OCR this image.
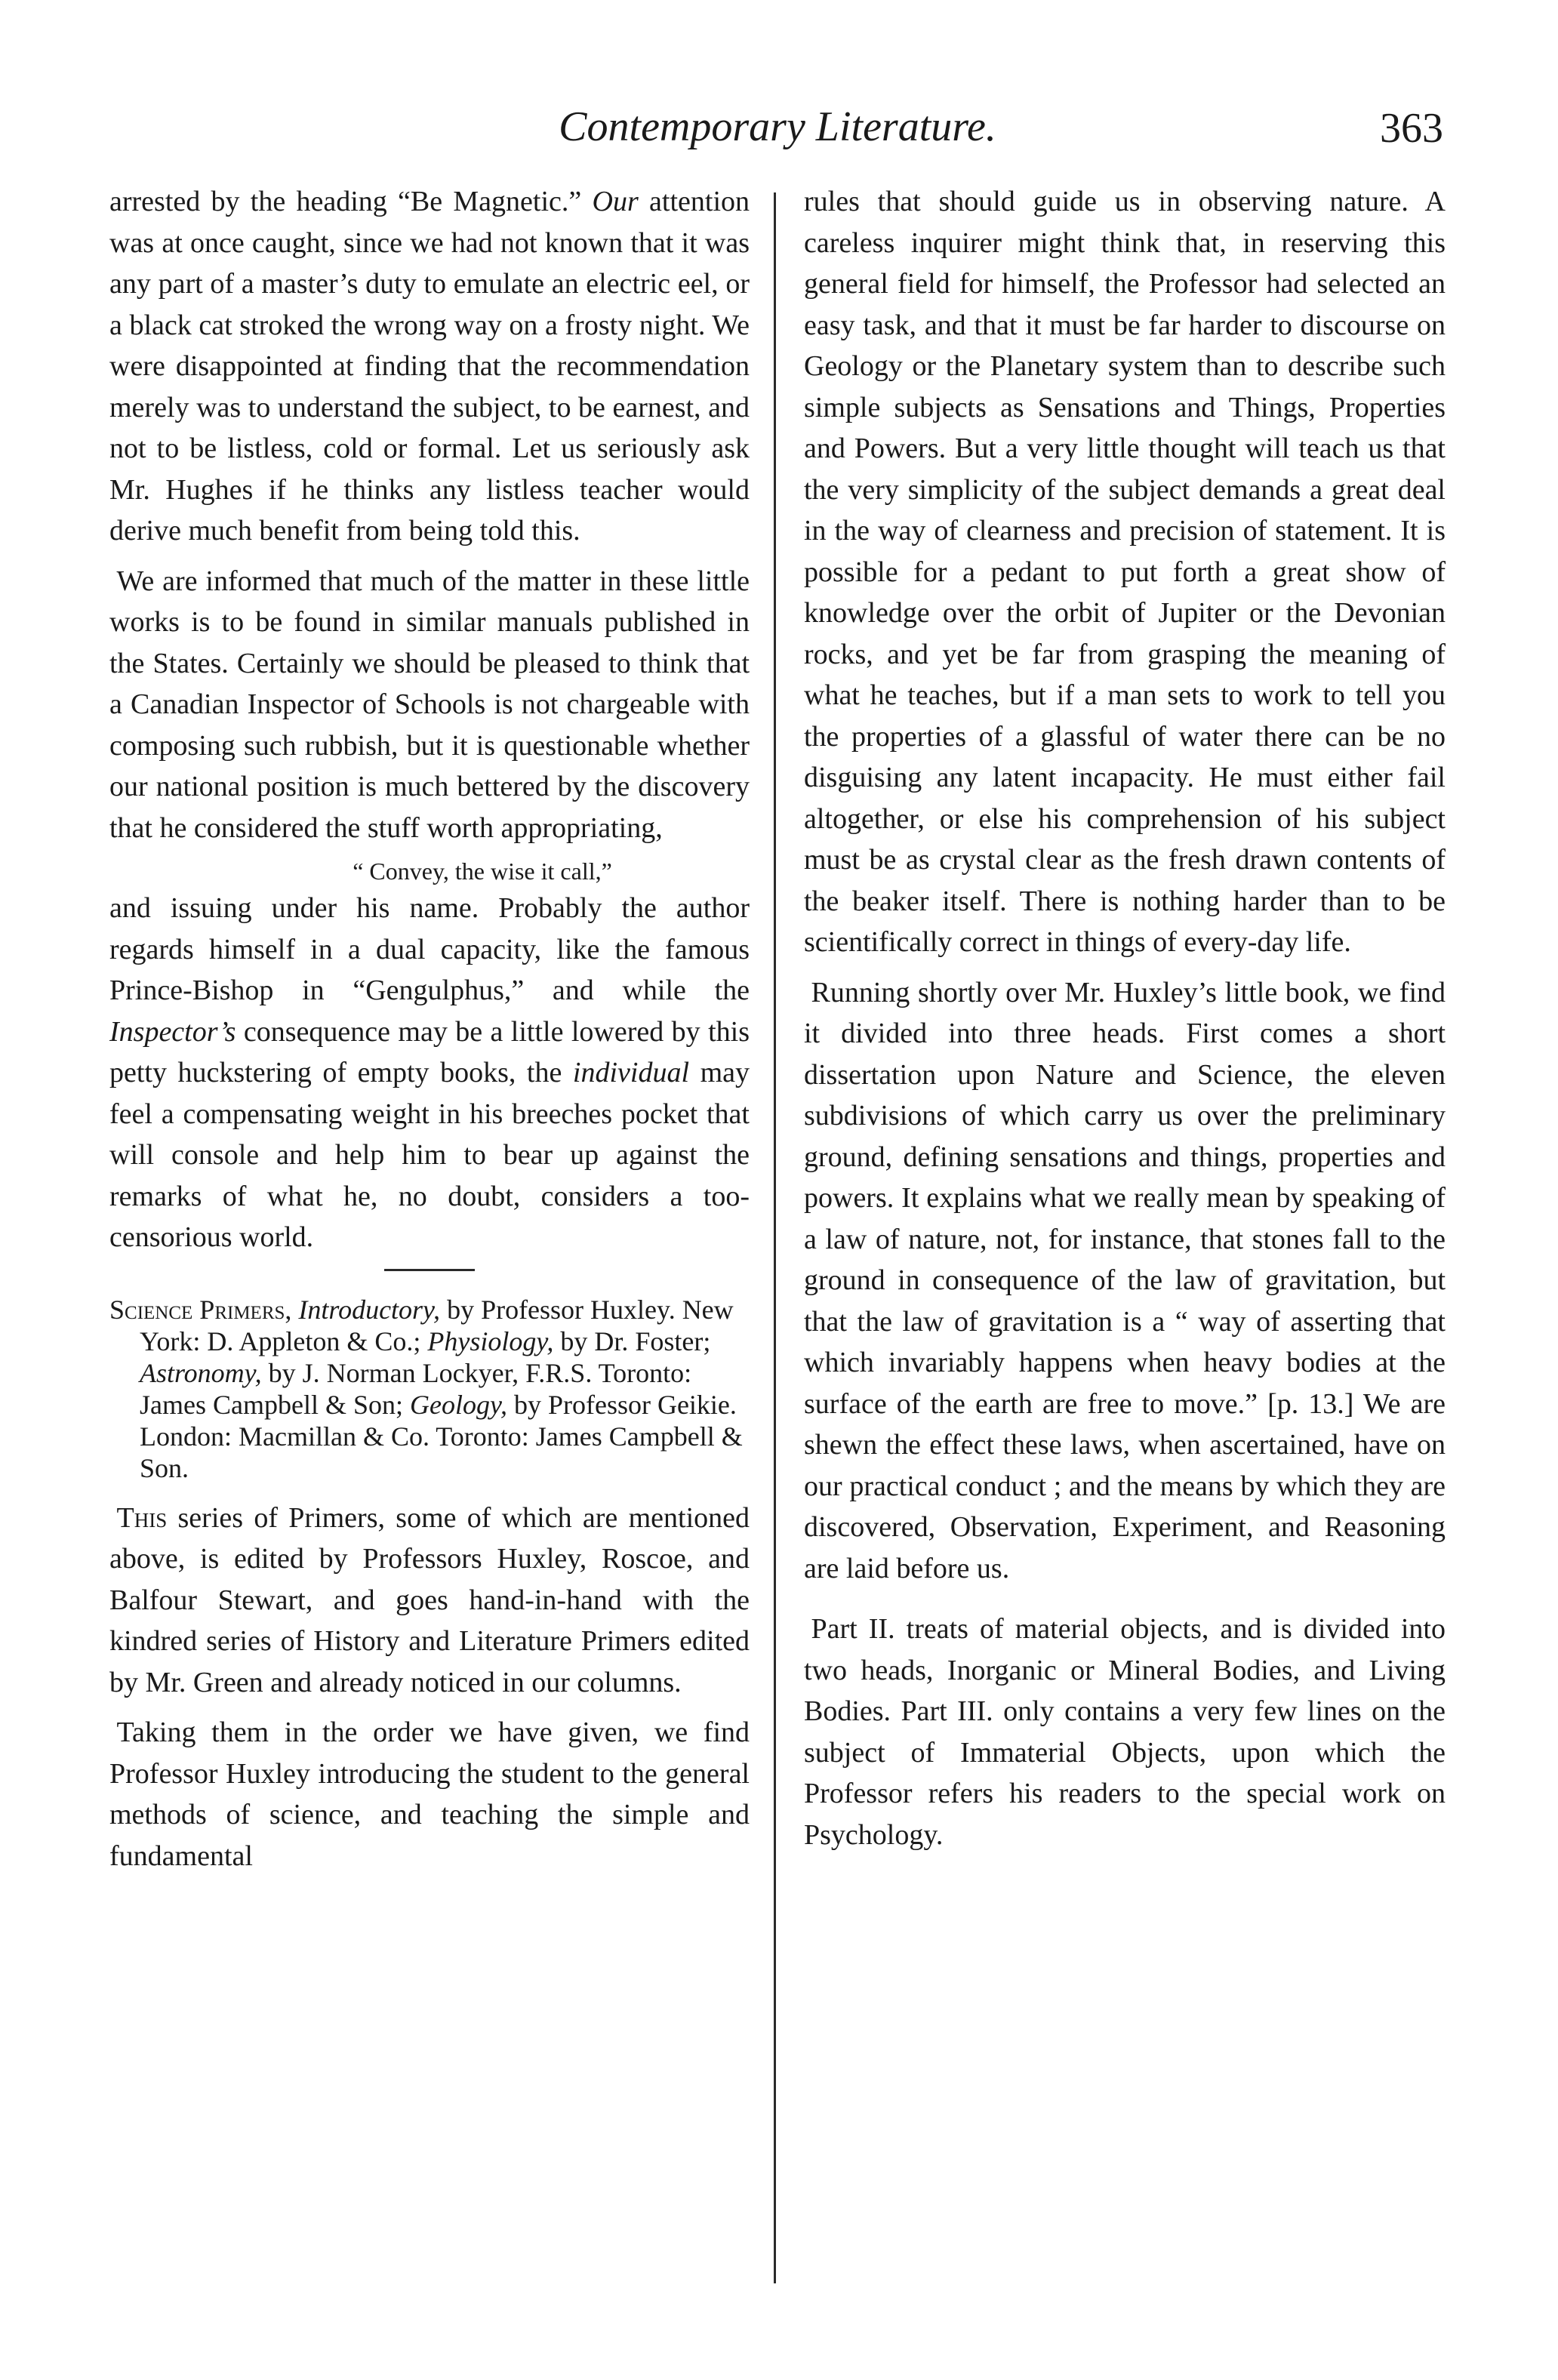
Contemporary Literature.	363

arrested by the heading “Be Magnetic.” Our attention was at once caught, since we had not known that it was any part of a master’s duty to emulate an electric eel, or a black cat stroked the wrong way on a frosty night. We were disappointed at finding that the recommendation merely was to understand the subject, to be earnest, and not to be listless, cold or formal. Let us seriously ask Mr. Hughes if he thinks any listless teacher would derive much benefit from being told this.

We are informed that much of the matter in these little works is to be found in similar manuals published in the States. Certainly we should be pleased to think that a Canadian Inspector of Schools is not chargeable with composing such rubbish, but it is questionable whether our national position is much bettered by the discovery that he considered the stuff worth appropriating,

“ Convey, the wise it call,”

and issuing under his name. Probably the author regards himself in a dual capacity, like the famous Prince-Bishop in “Gengulphus,” and while the Inspector’s consequence may be a little lowered by this petty huckstering of empty books, the individual may feel a compensating weight in his breeches pocket that will console and help him to bear up against the remarks of what he, no doubt, considers a too-censorious world.

Science Primers, Introductory, by Professor Huxley. New York: D. Appleton & Co.; Physiology, by Dr. Foster; Astronomy, by J. Norman Lockyer, F.R.S. Toronto: James Campbell & Son; Geology, by Professor Geikie. London: Macmillan & Co. Toronto: James Campbell & Son.

This series of Primers, some of which are mentioned above, is edited by Professors Huxley, Roscoe, and Balfour Stewart, and goes hand-in-hand with the kindred series of History and Literature Primers edited by Mr. Green and already noticed in our columns.

Taking them in the order we have given, we find Professor Huxley introducing the student to the general methods of science, and teaching the simple and fundamental

rules that should guide us in observing nature. A careless inquirer might think that, in reserving this general field for himself, the Professor had selected an easy task, and that it must be far harder to discourse on Geology or the Planetary system than to describe such simple subjects as Sensations and Things, Properties and Powers. But a very little thought will teach us that the very simplicity of the subject demands a great deal in the way of clearness and precision of statement. It is possible for a pedant to put forth a great show of knowledge over the orbit of Jupiter or the Devonian rocks, and yet be far from grasping the meaning of what he teaches, but if a man sets to work to tell you the properties of a glassful of water there can be no disguising any latent incapacity. He must either fail altogether, or else his comprehension of his subject must be as crystal clear as the fresh drawn contents of the beaker itself. There is nothing harder than to be scientifically correct in things of every-day life.

Running shortly over Mr. Huxley’s little book, we find it divided into three heads. First comes a short dissertation upon Nature and Science, the eleven subdivisions of which carry us over the preliminary ground, defining sensations and things, properties and powers. It explains what we really mean by speaking of a law of nature, not, for instance, that stones fall to the ground in consequence of the law of gravitation, but that the law of gravitation is a “ way of asserting that which invariably happens when heavy bodies at the surface of the earth are free to move.” [p. 13.] We are shewn the effect these laws, when ascertained, have on our practical conduct ; and the means by which they are discovered, Observation, Experiment, and Reasoning are laid before us.

Part II. treats of material objects, and is divided into two heads, Inorganic or Mineral Bodies, and Living Bodies. Part III. only contains a very few lines on the subject of Immaterial Objects, upon which the Professor refers his readers to the special work on Psychology.
